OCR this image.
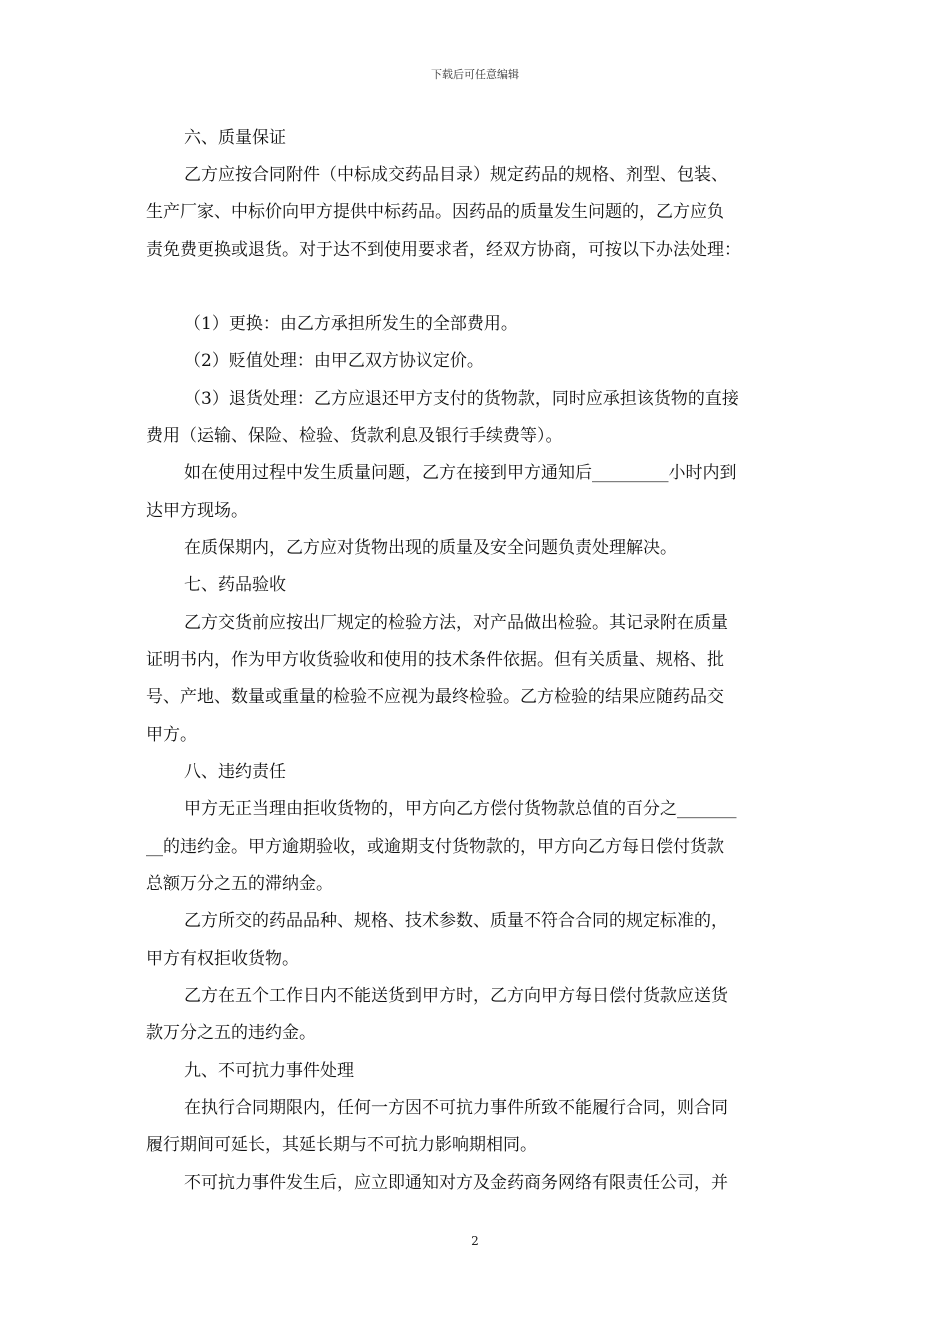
下载后可任意编辑
六、质量保证
乙方应按合同附件（中标成交药品目录）规定药品的规格、剂型、包装、
生产厂家、中标价向甲方提供中标药品。因药品的质量发生问题的，乙方应负
责免费更换或退货。对于达不到使用要求者，经双方协商，可按以下办法处理：
（1）更换：由乙方承担所发生的全部费用。
（2）贬值处理：由甲乙双方协议定价。
（3）退货处理：乙方应退还甲方支付的货物款，同时应承担该货物的直接
费用（运输、保险、检验、货款利息及银行手续费等）。
如在使用过程中发生质量问题，乙方在接到甲方通知后_________小时内到
达甲方现场。
在质保期内，乙方应对货物出现的质量及安全问题负责处理解决。
七、药品验收
乙方交货前应按出厂规定的检验方法，对产品做出检验。其记录附在质量
证明书内，作为甲方收货验收和使用的技术条件依据。但有关质量、规格、批
号、产地、数量或重量的检验不应视为最终检验。乙方检验的结果应随药品交
甲方。
八、违约责任
甲方无正当理由拒收货物的，甲方向乙方偿付货物款总值的百分之_______
__的违约金。甲方逾期验收，或逾期支付货物款的，甲方向乙方每日偿付货款
总额万分之五的滞纳金。
乙方所交的药品品种、规格、技术参数、质量不符合合同的规定标准的，
甲方有权拒收货物。
乙方在五个工作日内不能送货到甲方时，乙方向甲方每日偿付货款应送货
款万分之五的违约金。
九、不可抗力事件处理
在执行合同期限内，任何一方因不可抗力事件所致不能履行合同，则合同
履行期间可延长，其延长期与不可抗力影响期相同。
不可抗力事件发生后，应立即通知对方及金药商务网络有限责任公司，并
2
